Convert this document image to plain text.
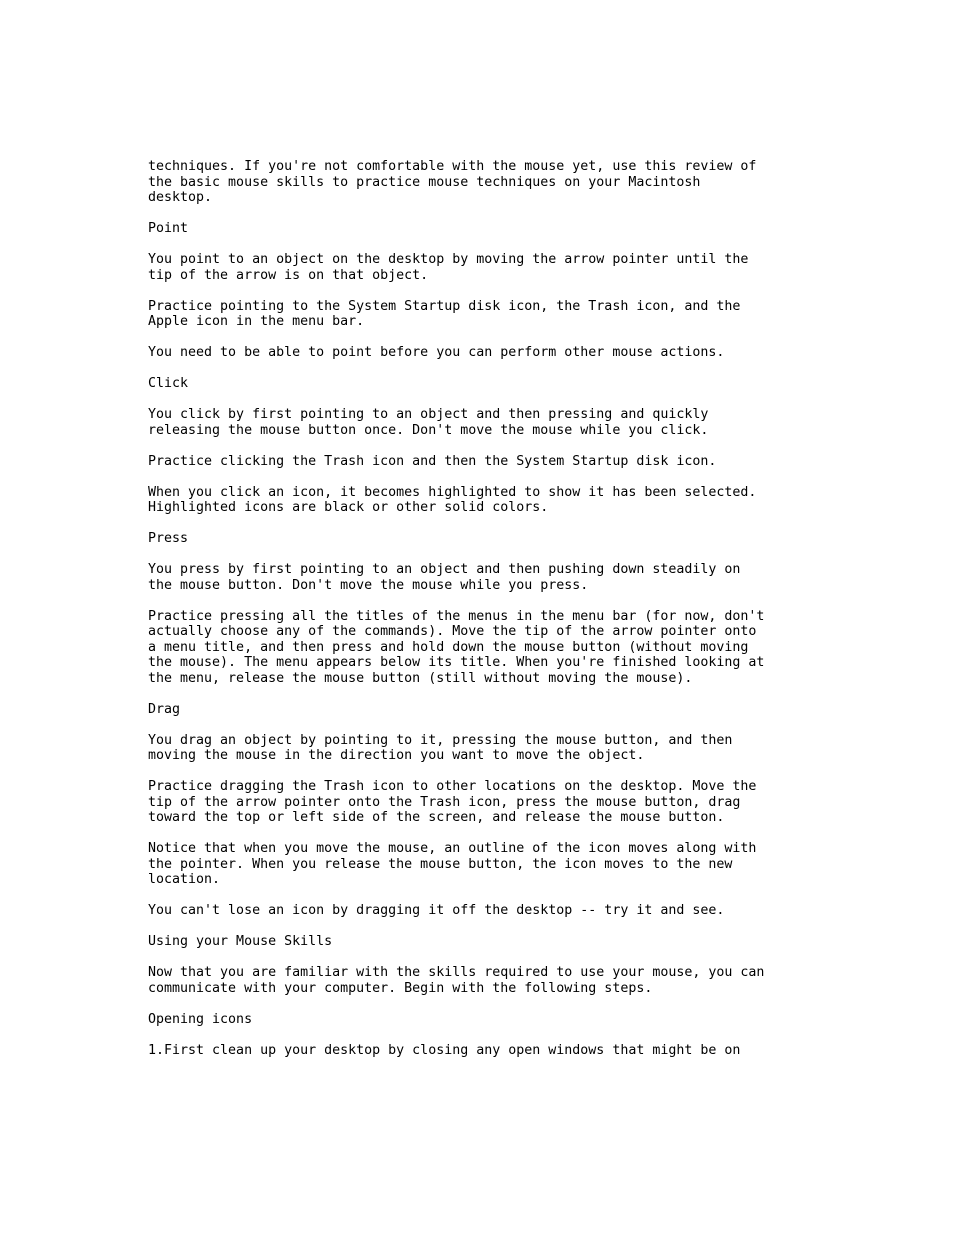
techniques. If you're not comfortable with the mouse yet, use this review of
the basic mouse skills to practice mouse techniques on your Macintosh
desktop.
Point
You point to an object on the desktop by moving the arrow pointer until the
tip of the arrow is on that object.
Practice pointing to the System Startup disk icon, the Trash icon, and the
Apple icon in the menu bar.
You need to be able to point before you can perform other mouse actions.
Click
You click by first pointing to an object and then pressing and quickly
releasing the mouse button once. Don't move the mouse while you click.
Practice clicking the Trash icon and then the System Startup disk icon.
When you click an icon, it becomes highlighted to show it has been selected.
Highlighted icons are black or other solid colors.
Press
You press by first pointing to an object and then pushing down steadily on
the mouse button. Don't move the mouse while you press.
Practice pressing all the titles of the menus in the menu bar (for now, don't
actually choose any of the commands). Move the tip of the arrow pointer onto
a menu title, and then press and hold down the mouse button (without moving
the mouse). The menu appears below its title. When you're finished looking at
the menu, release the mouse button (still without moving the mouse).
Drag
You drag an object by pointing to it, pressing the mouse button, and then
moving the mouse in the direction you want to move the object.
Practice dragging the Trash icon to other locations on the desktop. Move the
tip of the arrow pointer onto the Trash icon, press the mouse button, drag
toward the top or left side of the screen, and release the mouse button.
Notice that when you move the mouse, an outline of the icon moves along with
the pointer. When you release the mouse button, the icon moves to the new
location.
You can't lose an icon by dragging it off the desktop -- try it and see.
Using your Mouse Skills
Now that you are familiar with the skills required to use your mouse, you can
communicate with your computer. Begin with the following steps.
Opening icons
1.First clean up your desktop by closing any open windows that might be on
